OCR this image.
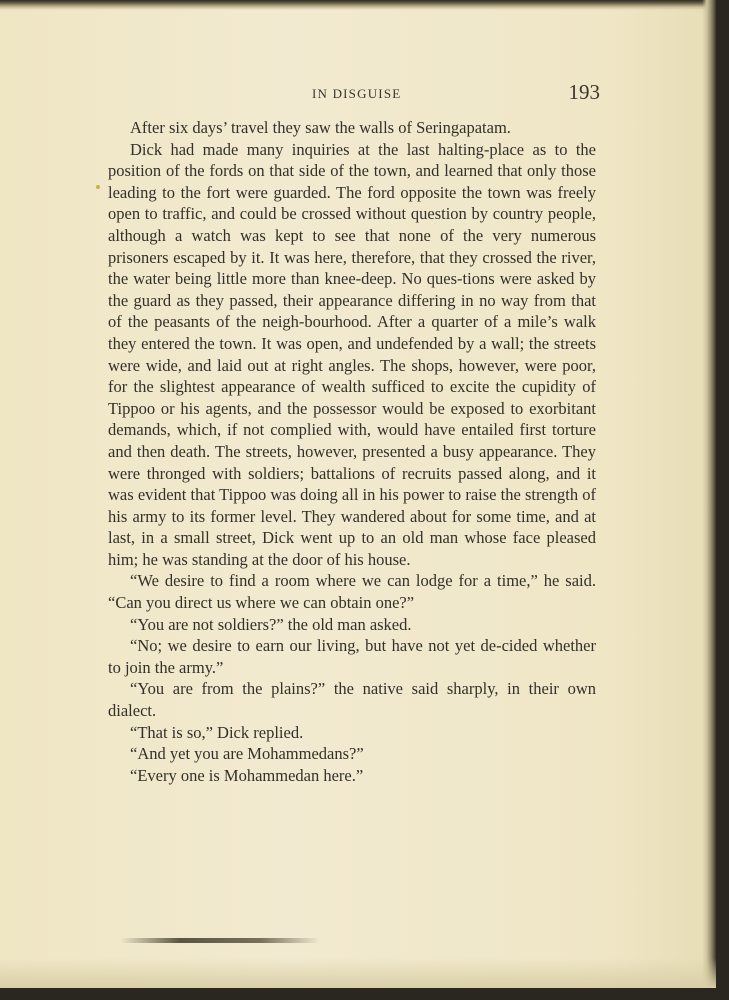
IN DISGUISE	193

After six days’ travel they saw the walls of Seringapatam.

Dick had made many inquiries at the last halting-place as to the position of the fords on that side of the town, and learned that only those leading to the fort were guarded. The ford opposite the town was freely open to traffic, and could be crossed without question by country people, although a watch was kept to see that none of the very numerous prisoners escaped by it. It was here, therefore, that they crossed the river, the water being little more than knee-deep. No ques-tions were asked by the guard as they passed, their appearance differing in no way from that of the peasants of the neigh-bourhood. After a quarter of a mile’s walk they entered the town. It was open, and undefended by a wall; the streets were wide, and laid out at right angles. The shops, however, were poor, for the slightest appearance of wealth sufficed to excite the cupidity of Tippoo or his agents, and the possessor would be exposed to exorbitant demands, which, if not complied with, would have entailed first torture and then death. The streets, however, presented a busy appearance. They were thronged with soldiers; battalions of recruits passed along, and it was evident that Tippoo was doing all in his power to raise the strength of his army to its former level. They wandered about for some time, and at last, in a small street, Dick went up to an old man whose face pleased him; he was standing at the door of his house.

“We desire to find a room where we can lodge for a time,” he said. “Can you direct us where we can obtain one?”

“You are not soldiers?” the old man asked.

“No; we desire to earn our living, but have not yet de-cided whether to join the army.”

“You are from the plains?” the native said sharply, in their own dialect.

“That is so,” Dick replied.

“And yet you are Mohammedans?”

“Every one is Mohammedan here.”
